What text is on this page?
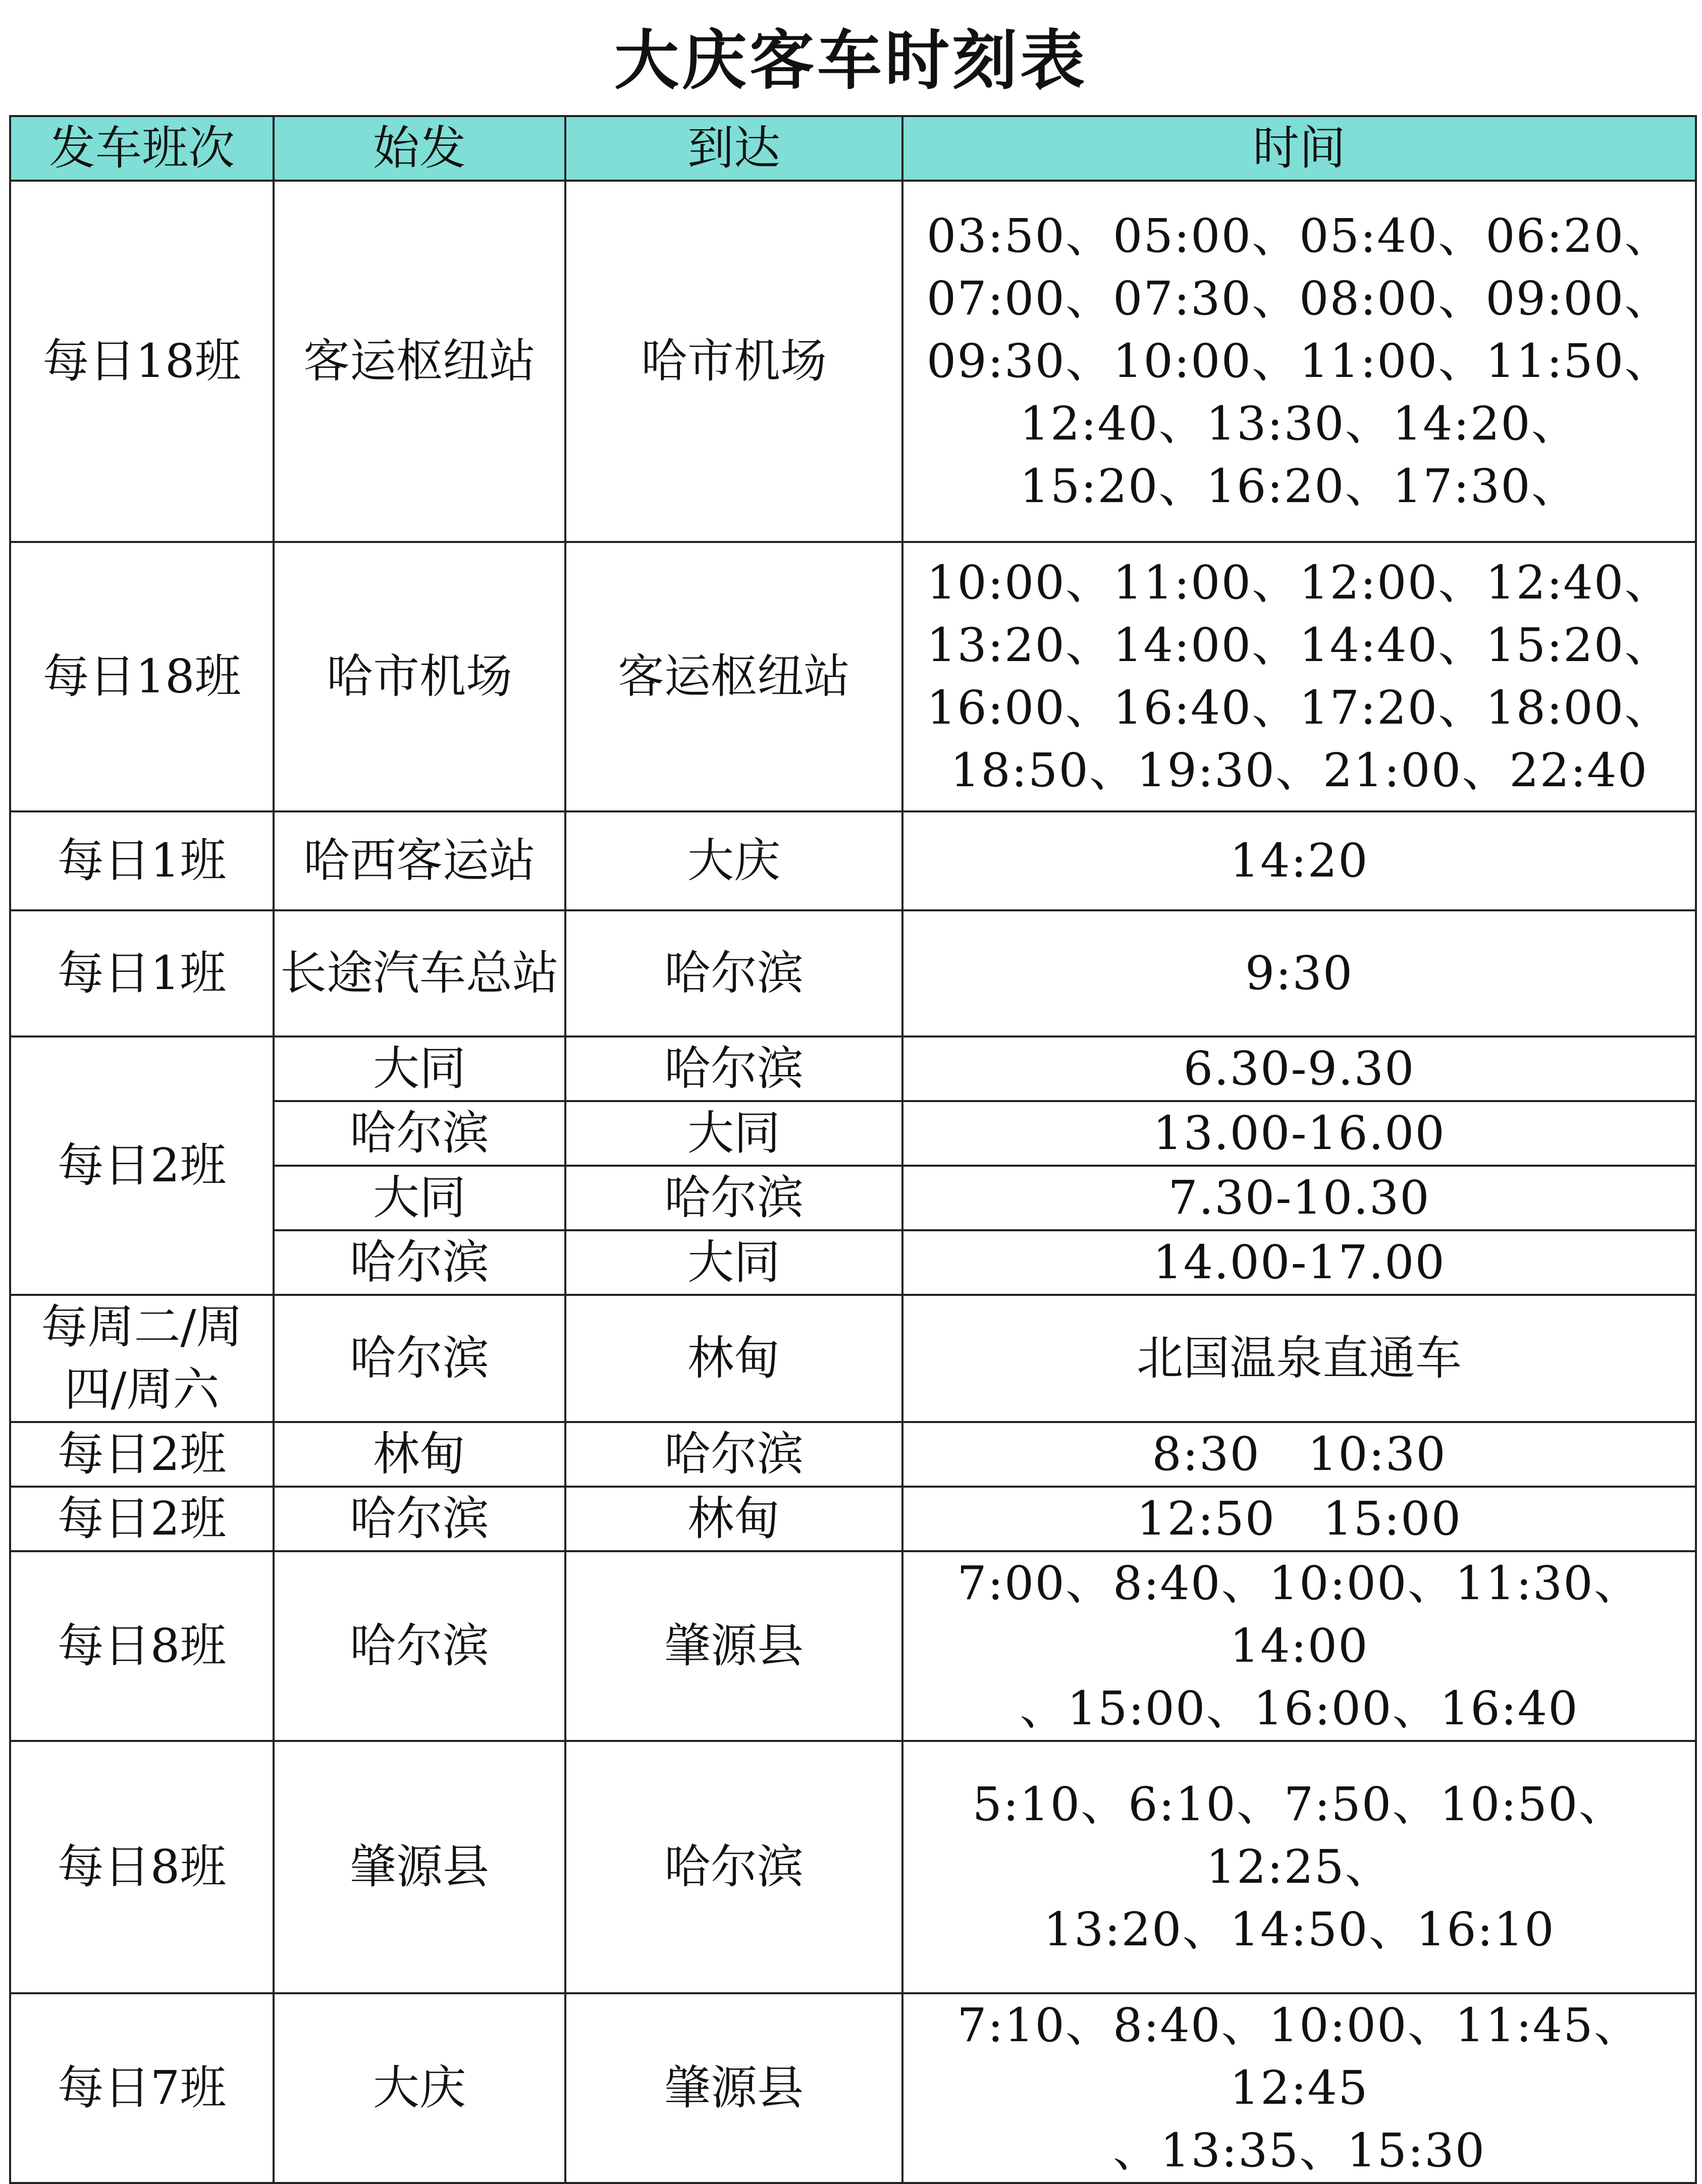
大庆客车时刻表
发车班次	始发	到达	时间
每日18班	客运枢纽站	哈市机场	03:50、05:00、05:40、06:20、
07:00、07:30、08:00、09:00、
09:30、10:00、11:00、11:50、
12:40、13:30、14:20、
15:20、16:20、17:30、
每日18班	哈市机场	客运枢纽站	10:00、11:00、12:00、12:40、
13:20、14:00、14:40、15:20、
16:00、16:40、17:20、18:00、
18:50、19:30、21:00、22:40
每日1班	哈西客运站	大庆	14:20
每日1班	长途汽车总站	哈尔滨	9:30
每日2班	大同	哈尔滨	6.30-9.30
	哈尔滨	大同	13.00-16.00
	大同	哈尔滨	7.30-10.30
	哈尔滨	大同	14.00-17.00
每周二/周四/周六	哈尔滨	林甸	北国温泉直通车
每日2班	林甸	哈尔滨	8:30   10:30
每日2班	哈尔滨	林甸	12:50   15:00
每日8班	哈尔滨	肇源县	7:00、8:40、10:00、11:30、14:00
、15:00、16:00、16:40
每日8班	肇源县	哈尔滨	5:10、6:10、7:50、10:50、12:25、
13:20、14:50、16:10
每日7班	大庆	肇源县	7:10、8:40、10:00、11:45、12:45
、13:35、15:30
